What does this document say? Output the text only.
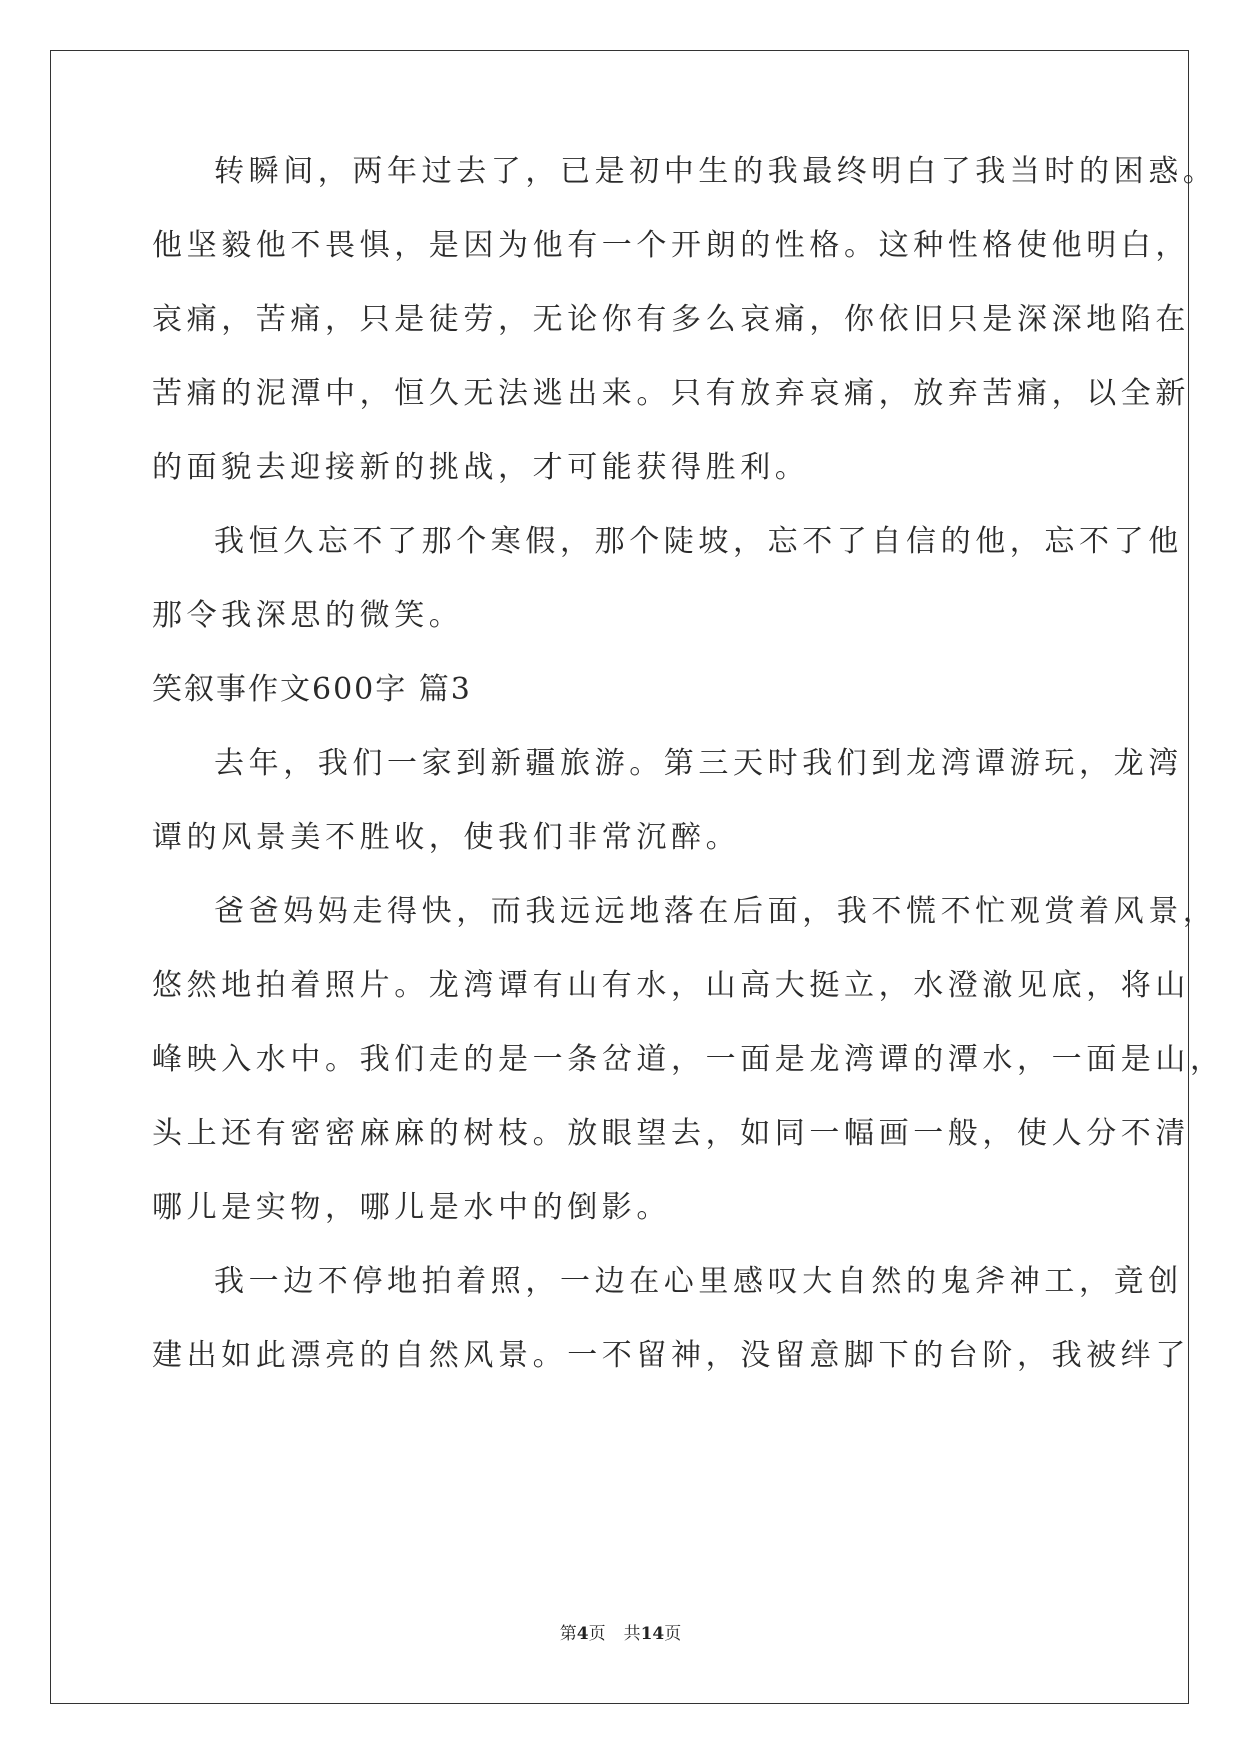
转瞬间，两年过去了，已是初中生的我最终明白了我当时的困惑。
他坚毅他不畏惧，是因为他有一个开朗的性格。这种性格使他明白，
哀痛，苦痛，只是徒劳，无论你有多么哀痛，你依旧只是深深地陷在
苦痛的泥潭中，恒久无法逃出来。只有放弃哀痛，放弃苦痛，以全新
的面貌去迎接新的挑战，才可能获得胜利。
我恒久忘不了那个寒假，那个陡坡，忘不了自信的他，忘不了他
那令我深思的微笑。
笑叙事作文600字 篇3
去年，我们一家到新疆旅游。第三天时我们到龙湾谭游玩，龙湾
谭的风景美不胜收，使我们非常沉醉。
爸爸妈妈走得快，而我远远地落在后面，我不慌不忙观赏着风景，
悠然地拍着照片。龙湾谭有山有水，山高大挺立，水澄澈见底，将山
峰映入水中。我们走的是一条岔道，一面是龙湾谭的潭水，一面是山，
头上还有密密麻麻的树枝。放眼望去，如同一幅画一般，使人分不清
哪儿是实物，哪儿是水中的倒影。
我一边不停地拍着照，一边在心里感叹大自然的鬼斧神工，竟创
建出如此漂亮的自然风景。一不留神，没留意脚下的台阶，我被绊了
第4页 共14页
